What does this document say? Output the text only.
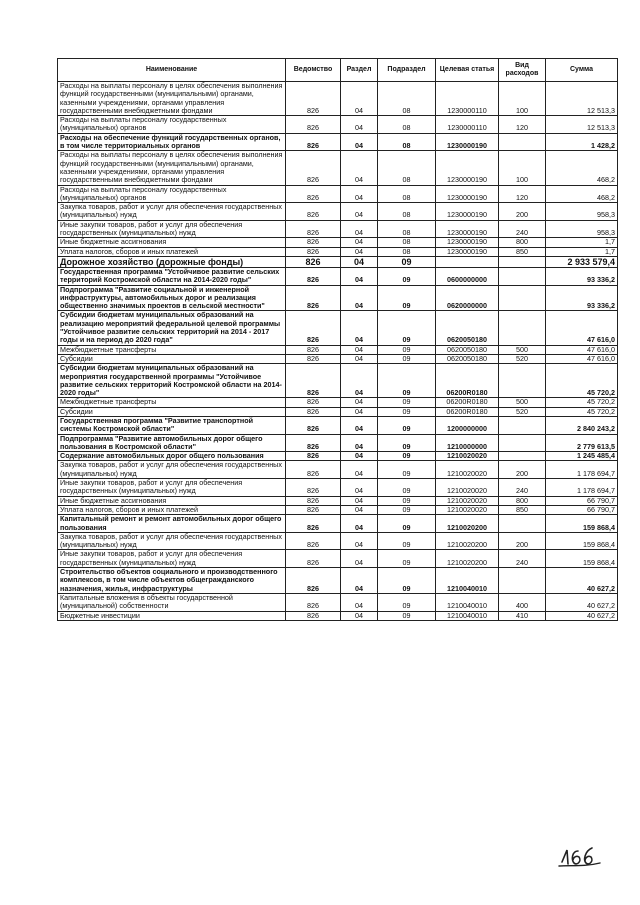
Наименование	Ведомство	Раздел	Подраздел	Целевая статья	Вид расходов	Сумма
Расходы на выплаты персоналу в целях обеспечения выполнения функций государственными (муниципальными) органами, казенными учреждениями, органами управления государственными внебюджетными фондами	826	04	08	1230000110	100	12 513,3
Расходы на выплаты персоналу государственных (муниципальных) органов	826	04	08	1230000110	120	12 513,3
Расходы на обеспечение функций государственных органов, в том числе территориальных органов	826	04	08	1230000190		1 428,2
Расходы на выплаты персоналу в целях обеспечения выполнения функций государственными (муниципальными) органами, казенными учреждениями, органами управления государственными внебюджетными фондами	826	04	08	1230000190	100	468,2
Расходы на выплаты персоналу государственных (муниципальных) органов	826	04	08	1230000190	120	468,2
Закупка товаров, работ и услуг для обеспечения государственных (муниципальных) нужд	826	04	08	1230000190	200	958,3
Иные закупки товаров, работ и услуг для обеспечения государственных (муниципальных) нужд	826	04	08	1230000190	240	958,3
Иные бюджетные ассигнования	826	04	08	1230000190	800	1,7
Уплата налогов, сборов и иных платежей	826	04	08	1230000190	850	1,7
Дорожное хозяйство (дорожные фонды)	826	04	09			2 933 579,4
Государственная программа "Устойчивое развитие сельских территорий Костромской области на 2014-2020 годы"	826	04	09	0600000000		93 336,2
Подпрограмма "Развитие социальной и инженерной инфраструктуры, автомобильных дорог и реализация общественно значимых проектов в сельской местности"	826	04	09	0620000000		93 336,2
Субсидии бюджетам муниципальных образований на реализацию мероприятий федеральной целевой программы "Устойчивое развитие сельских территорий на 2014 - 2017 годы и на период до 2020 года"	826	04	09	0620050180		47 616,0
Межбюджетные трансферты	826	04	09	0620050180	500	47 616,0
Субсидии	826	04	09	0620050180	520	47 616,0
Субсидии бюджетам муниципальных образований на мероприятия государственной программы "Устойчивое развитие сельских территорий Костромской области на 2014-2020 годы"	826	04	09	06200R0180		45 720,2
Межбюджетные трансферты	826	04	09	06200R0180	500	45 720,2
Субсидии	826	04	09	06200R0180	520	45 720,2
Государственная программа "Развитие транспортной системы Костромской области"	826	04	09	1200000000		2 840 243,2
Подпрограмма "Развитие автомобильных дорог общего пользования в Костромской области"	826	04	09	1210000000		2 779 613,5
Содержание автомобильных дорог общего пользования	826	04	09	1210020020		1 245 485,4
Закупка товаров, работ и услуг для обеспечения государственных (муниципальных) нужд	826	04	09	1210020020	200	1 178 694,7
Иные закупки товаров, работ и услуг для обеспечения государственных (муниципальных) нужд	826	04	09	1210020020	240	1 178 694,7
Иные бюджетные ассигнования	826	04	09	1210020020	800	66 790,7
Уплата налогов, сборов и иных платежей	826	04	09	1210020020	850	66 790,7
Капитальный ремонт и ремонт автомобильных дорог общего пользования	826	04	09	1210020200		159 868,4
Закупка товаров, работ и услуг для обеспечения государственных (муниципальных) нужд	826	04	09	1210020200	200	159 868,4
Иные закупки товаров, работ и услуг для обеспечения государственных (муниципальных) нужд	826	04	09	1210020200	240	159 868,4
Строительство объектов социального и производственного комплексов, в том числе объектов общегражданского назначения, жилья, инфраструктуры	826	04	09	1210040010		40 627,2
Капитальные вложения в объекты государственной (муниципальной) собственности	826	04	09	1210040010	400	40 627,2
Бюджетные инвестиции	826	04	09	1210040010	410	40 627,2
